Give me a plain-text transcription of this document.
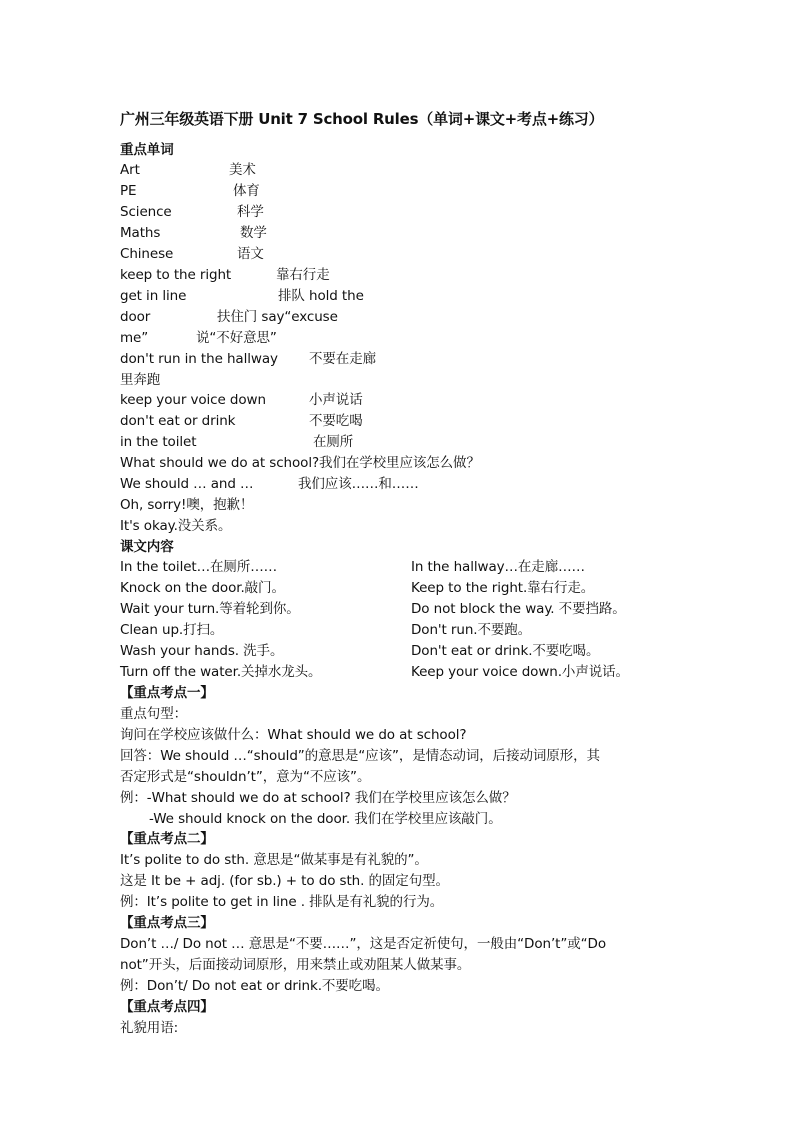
广州三年级英语下册 Unit 7 School Rules（单词+课文+考点+练习）
重点单词
Art	美术
PE	体育
Science	科学
Maths	数学
Chinese	语文
keep to the right	靠右行走
get in line	排队 hold the
door	扶住门 say“excuse
me”	说“不好意思”
don't run in the hallway 不要在走廊
里奔跑
keep your voice down	小声说话
don't eat or drink	不要吃喝
in the toilet	在厕所
What should we do at school?我们在学校里应该怎么做？
We should … and …	我们应该……和……
Oh, sorry!噢，抱歉！
It's okay.没关系。
课文内容
In the toilet…在厕所……	In the hallway…在走廊……
Knock on the door.敲门。	Keep to the right.靠右行走。
Wait your turn.等着轮到你。	Do not block the way. 不要挡路。
Clean up.打扫。	Don't run.不要跑。
Wash your hands. 洗手。	Don't eat or drink.不要吃喝。
Turn off the water.关掉水龙头。	Keep your voice down.小声说话。
【重点考点一】
重点句型：
询问在学校应该做什么：What should we do at school?
回答：We should …“should”的意思是“应该”，是情态动词，后接动词原形，其
否定形式是“shouldn’t”，意为“不应该”。
例：-What should we do at school? 我们在学校里应该怎么做？
-We should knock on the door. 我们在学校里应该敲门。
【重点考点二】
It’s polite to do sth. 意思是“做某事是有礼貌的”。
这是 It be + adj. (for sb.) + to do sth. 的固定句型。
例：It’s polite to get in line . 排队是有礼貌的行为。
【重点考点三】
Don’t …/ Do not … 意思是“不要……”，这是否定祈使句，一般由“Don’t”或“Do
not”开头，后面接动词原形，用来禁止或劝阻某人做某事。
例：Don’t/ Do not eat or drink.不要吃喝。
【重点考点四】
礼貌用语:
